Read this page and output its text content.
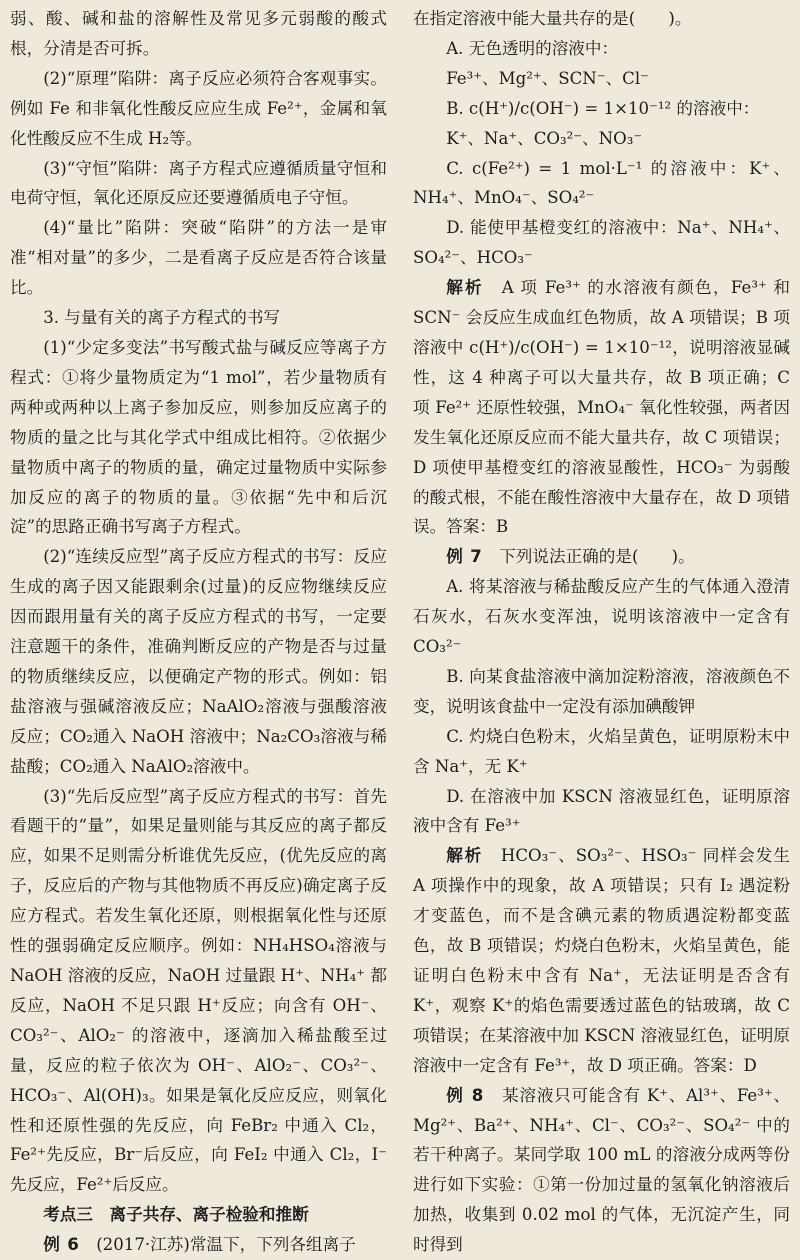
弱、酸、碱和盐的溶解性及常见多元弱酸的酸式根，分清是否可拆。

(2)“原理”陷阱：离子反应必须符合客观事实。例如 Fe 和非氧化性酸反应应生成 Fe²⁺，金属和氧化性酸反应不生成 H₂等。

(3)“守恒”陷阱：离子方程式应遵循质量守恒和电荷守恒，氧化还原反应还要遵循质电子守恒。

(4)“量比”陷阱：突破“陷阱”的方法一是审准“相对量”的多少，二是看离子反应是否符合该量比。

3. 与量有关的离子方程式的书写

(1)“少定多变法”书写酸式盐与碱反应等离子方程式：①将少量物质定为“1 mol”，若少量物质有两种或两种以上离子参加反应，则参加反应离子的物质的量之比与其化学式中组成比相符。②依据少量物质中离子的物质的量，确定过量物质中实际参加反应的离子的物质的量。③依据“先中和后沉淀”的思路正确书写离子方程式。

(2)“连续反应型”离子反应方程式的书写：反应生成的离子因又能跟剩余(过量)的反应物继续反应因而跟用量有关的离子反应方程式的书写，一定要注意题干的条件，准确判断反应的产物是否与过量的物质继续反应，以便确定产物的形式。例如：铝盐溶液与强碱溶液反应；NaAlO₂溶液与强酸溶液反应；CO₂通入 NaOH 溶液中；Na₂CO₃溶液与稀盐酸；CO₂通入 NaAlO₂溶液中。

(3)“先后反应型”离子反应方程式的书写：首先看题干的“量”，如果足量则能与其反应的离子都反应，如果不足则需分析谁优先反应，(优先反应的离子，反应后的产物与其他物质不再反应)确定离子反应方程式。若发生氧化还原，则根据氧化性与还原性的强弱确定反应顺序。例如：NH₄HSO₄溶液与 NaOH 溶液的反应，NaOH 过量跟 H⁺、NH₄⁺ 都反应，NaOH 不足只跟 H⁺反应；向含有 OH⁻、CO₃²⁻、AlO₂⁻ 的溶液中，逐滴加入稀盐酸至过量，反应的粒子依次为 OH⁻、AlO₂⁻、CO₃²⁻、HCO₃⁻、Al(OH)₃。如果是氧化反应反应，则氧化性和还原性强的先反应，向 FeBr₂ 中通入 Cl₂，Fe²⁺先反应，Br⁻后反应，向 FeI₂ 中通入 Cl₂，I⁻先反应，Fe²⁺后反应。

考点三　离子共存、离子检验和推断

例 6　 (2017·江苏)常温下，下列各组离子

在指定溶液中能大量共存的是(　　)。

A. 无色透明的溶液中：

Fe³⁺、Mg²⁺、SCN⁻、Cl⁻

B. c(H⁺)/c(OH⁻) = 1×10⁻¹² 的溶液中：

K⁺、Na⁺、CO₃²⁻、NO₃⁻

C. c(Fe²⁺) = 1 mol·L⁻¹ 的溶液中：K⁺、NH₄⁺、MnO₄⁻、SO₄²⁻

D. 能使甲基橙变红的溶液中：Na⁺、NH₄⁺、SO₄²⁻、HCO₃⁻

解析　 A 项 Fe³⁺ 的水溶液有颜色，Fe³⁺ 和 SCN⁻ 会反应生成血红色物质，故 A 项错误；B 项溶液中 c(H⁺)/c(OH⁻) = 1×10⁻¹²，说明溶液显碱性，这 4 种离子可以大量共存，故 B 项正确；C 项 Fe²⁺ 还原性较强，MnO₄⁻ 氧化性较强，两者因发生氧化还原反应而不能大量共存，故 C 项错误；D 项使甲基橙变红的溶液显酸性，HCO₃⁻ 为弱酸的酸式根，不能在酸性溶液中大量存在，故 D 项错误。答案：B

例 7　 下列说法正确的是(　　)。

A. 将某溶液与稀盐酸反应产生的气体通入澄清石灰水，石灰水变浑浊，说明该溶液中一定含有 CO₃²⁻

B. 向某食盐溶液中滴加淀粉溶液，溶液颜色不变，说明该食盐中一定没有添加碘酸钾

C. 灼烧白色粉末，火焰呈黄色，证明原粉末中含 Na⁺，无 K⁺

D. 在溶液中加 KSCN 溶液显红色，证明原溶液中含有 Fe³⁺

解析　 HCO₃⁻、SO₃²⁻、HSO₃⁻ 同样会发生 A 项操作中的现象，故 A 项错误；只有 I₂ 遇淀粉才变蓝色，而不是含碘元素的物质遇淀粉都变蓝色，故 B 项错误；灼烧白色粉末，火焰呈黄色，能证明白色粉末中含有 Na⁺，无法证明是否含有 K⁺，观察 K⁺的焰色需要透过蓝色的钴玻璃，故 C 项错误；在某溶液中加 KSCN 溶液显红色，证明原溶液中一定含有 Fe³⁺，故 D 项正确。答案：D

例 8　 某溶液只可能含有 K⁺、Al³⁺、Fe³⁺、Mg²⁺、Ba²⁺、NH₄⁺、Cl⁻、CO₃²⁻、SO₄²⁻ 中的若干种离子。某同学取 100 mL 的溶液分成两等份进行如下实验：①第一份加过量的氢氧化钠溶液后加热，收集到 0.02 mol 的气体，无沉淀产生，同时得到
